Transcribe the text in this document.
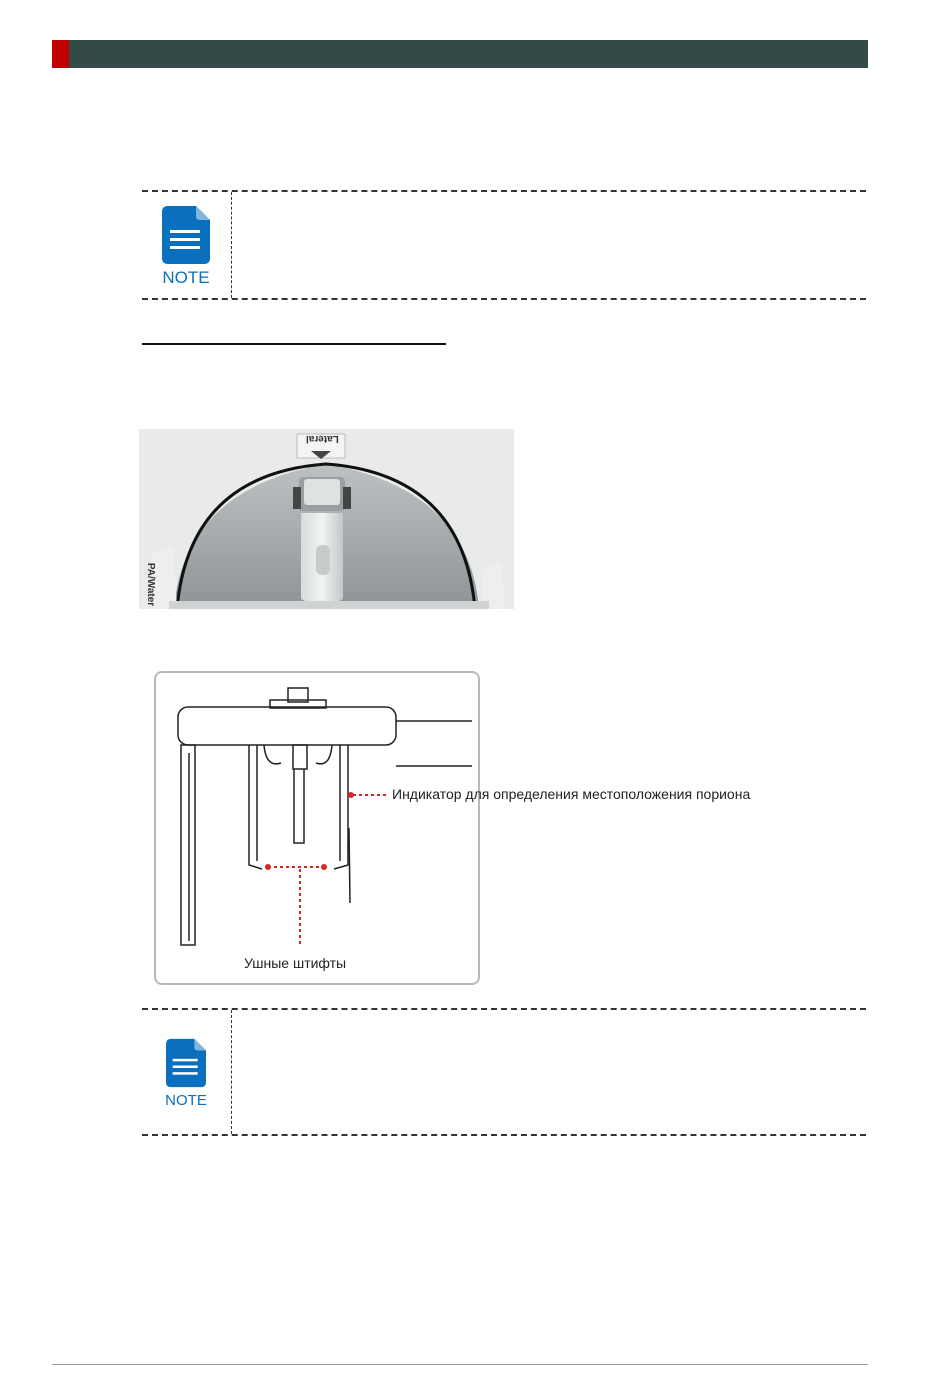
NOTE
Lateral
PA/Water
Ушные штифты
Индикатор для определения местоположения пориона
NOTE
